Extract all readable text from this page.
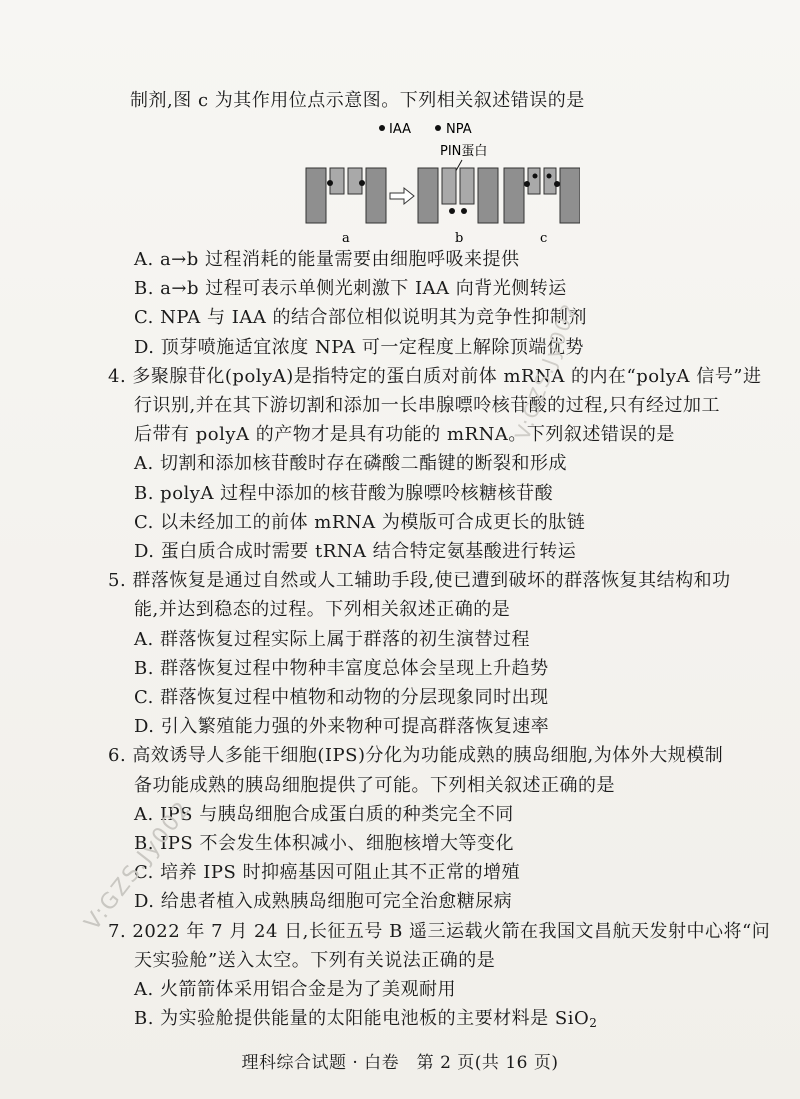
制剂,图 c 为其作用位点示意图。下列相关叙述错误的是
IAA	NPA
PIN蛋白
a	b	c
A. a→b 过程消耗的能量需要由细胞呼吸来提供
B. a→b 过程可表示单侧光刺激下 IAA 向背光侧转运
C. NPA 与 IAA 的结合部位相似说明其为竞争性抑制剂
D. 顶芽喷施适宜浓度 NPA 可一定程度上解除顶端优势
4. 多聚腺苷化(polyA)是指特定的蛋白质对前体 mRNA 的内在“polyA 信号”进
行识别,并在其下游切割和添加一长串腺嘌呤核苷酸的过程,只有经过加工
后带有 polyA 的产物才是具有功能的 mRNA。下列叙述错误的是
A. 切割和添加核苷酸时存在磷酸二酯键的断裂和形成
B. polyA 过程中添加的核苷酸为腺嘌呤核糖核苷酸
C. 以未经加工的前体 mRNA 为模版可合成更长的肽链
D. 蛋白质合成时需要 tRNA 结合特定氨基酸进行转运
5. 群落恢复是通过自然或人工辅助手段,使已遭到破坏的群落恢复其结构和功
能,并达到稳态的过程。下列相关叙述正确的是
A. 群落恢复过程实际上属于群落的初生演替过程
B. 群落恢复过程中物种丰富度总体会呈现上升趋势
C. 群落恢复过程中植物和动物的分层现象同时出现
D. 引入繁殖能力强的外来物种可提高群落恢复速率
6. 高效诱导人多能干细胞(IPS)分化为功能成熟的胰岛细胞,为体外大规模制
备功能成熟的胰岛细胞提供了可能。下列相关叙述正确的是
A. IPS 与胰岛细胞合成蛋白质的种类完全不同
B. IPS 不会发生体积减小、细胞核增大等变化
C. 培养 IPS 时抑癌基因可阻止其不正常的增殖
D. 给患者植入成熟胰岛细胞可完全治愈糖尿病
7. 2022 年 7 月 24 日,长征五号 B 遥三运载火箭在我国文昌航天发射中心将“问
天实验舱”送入太空。下列有关说法正确的是
理科综合试题 · 白卷　第 2 页(共 16 页)
V:GZS.Jy002
V:GZS.Jy002
A. 火箭箭体采用铝合金是为了美观耐用
B. 为实验舱提供能量的太阳能电池板的主要材料是 SiO$_2$
